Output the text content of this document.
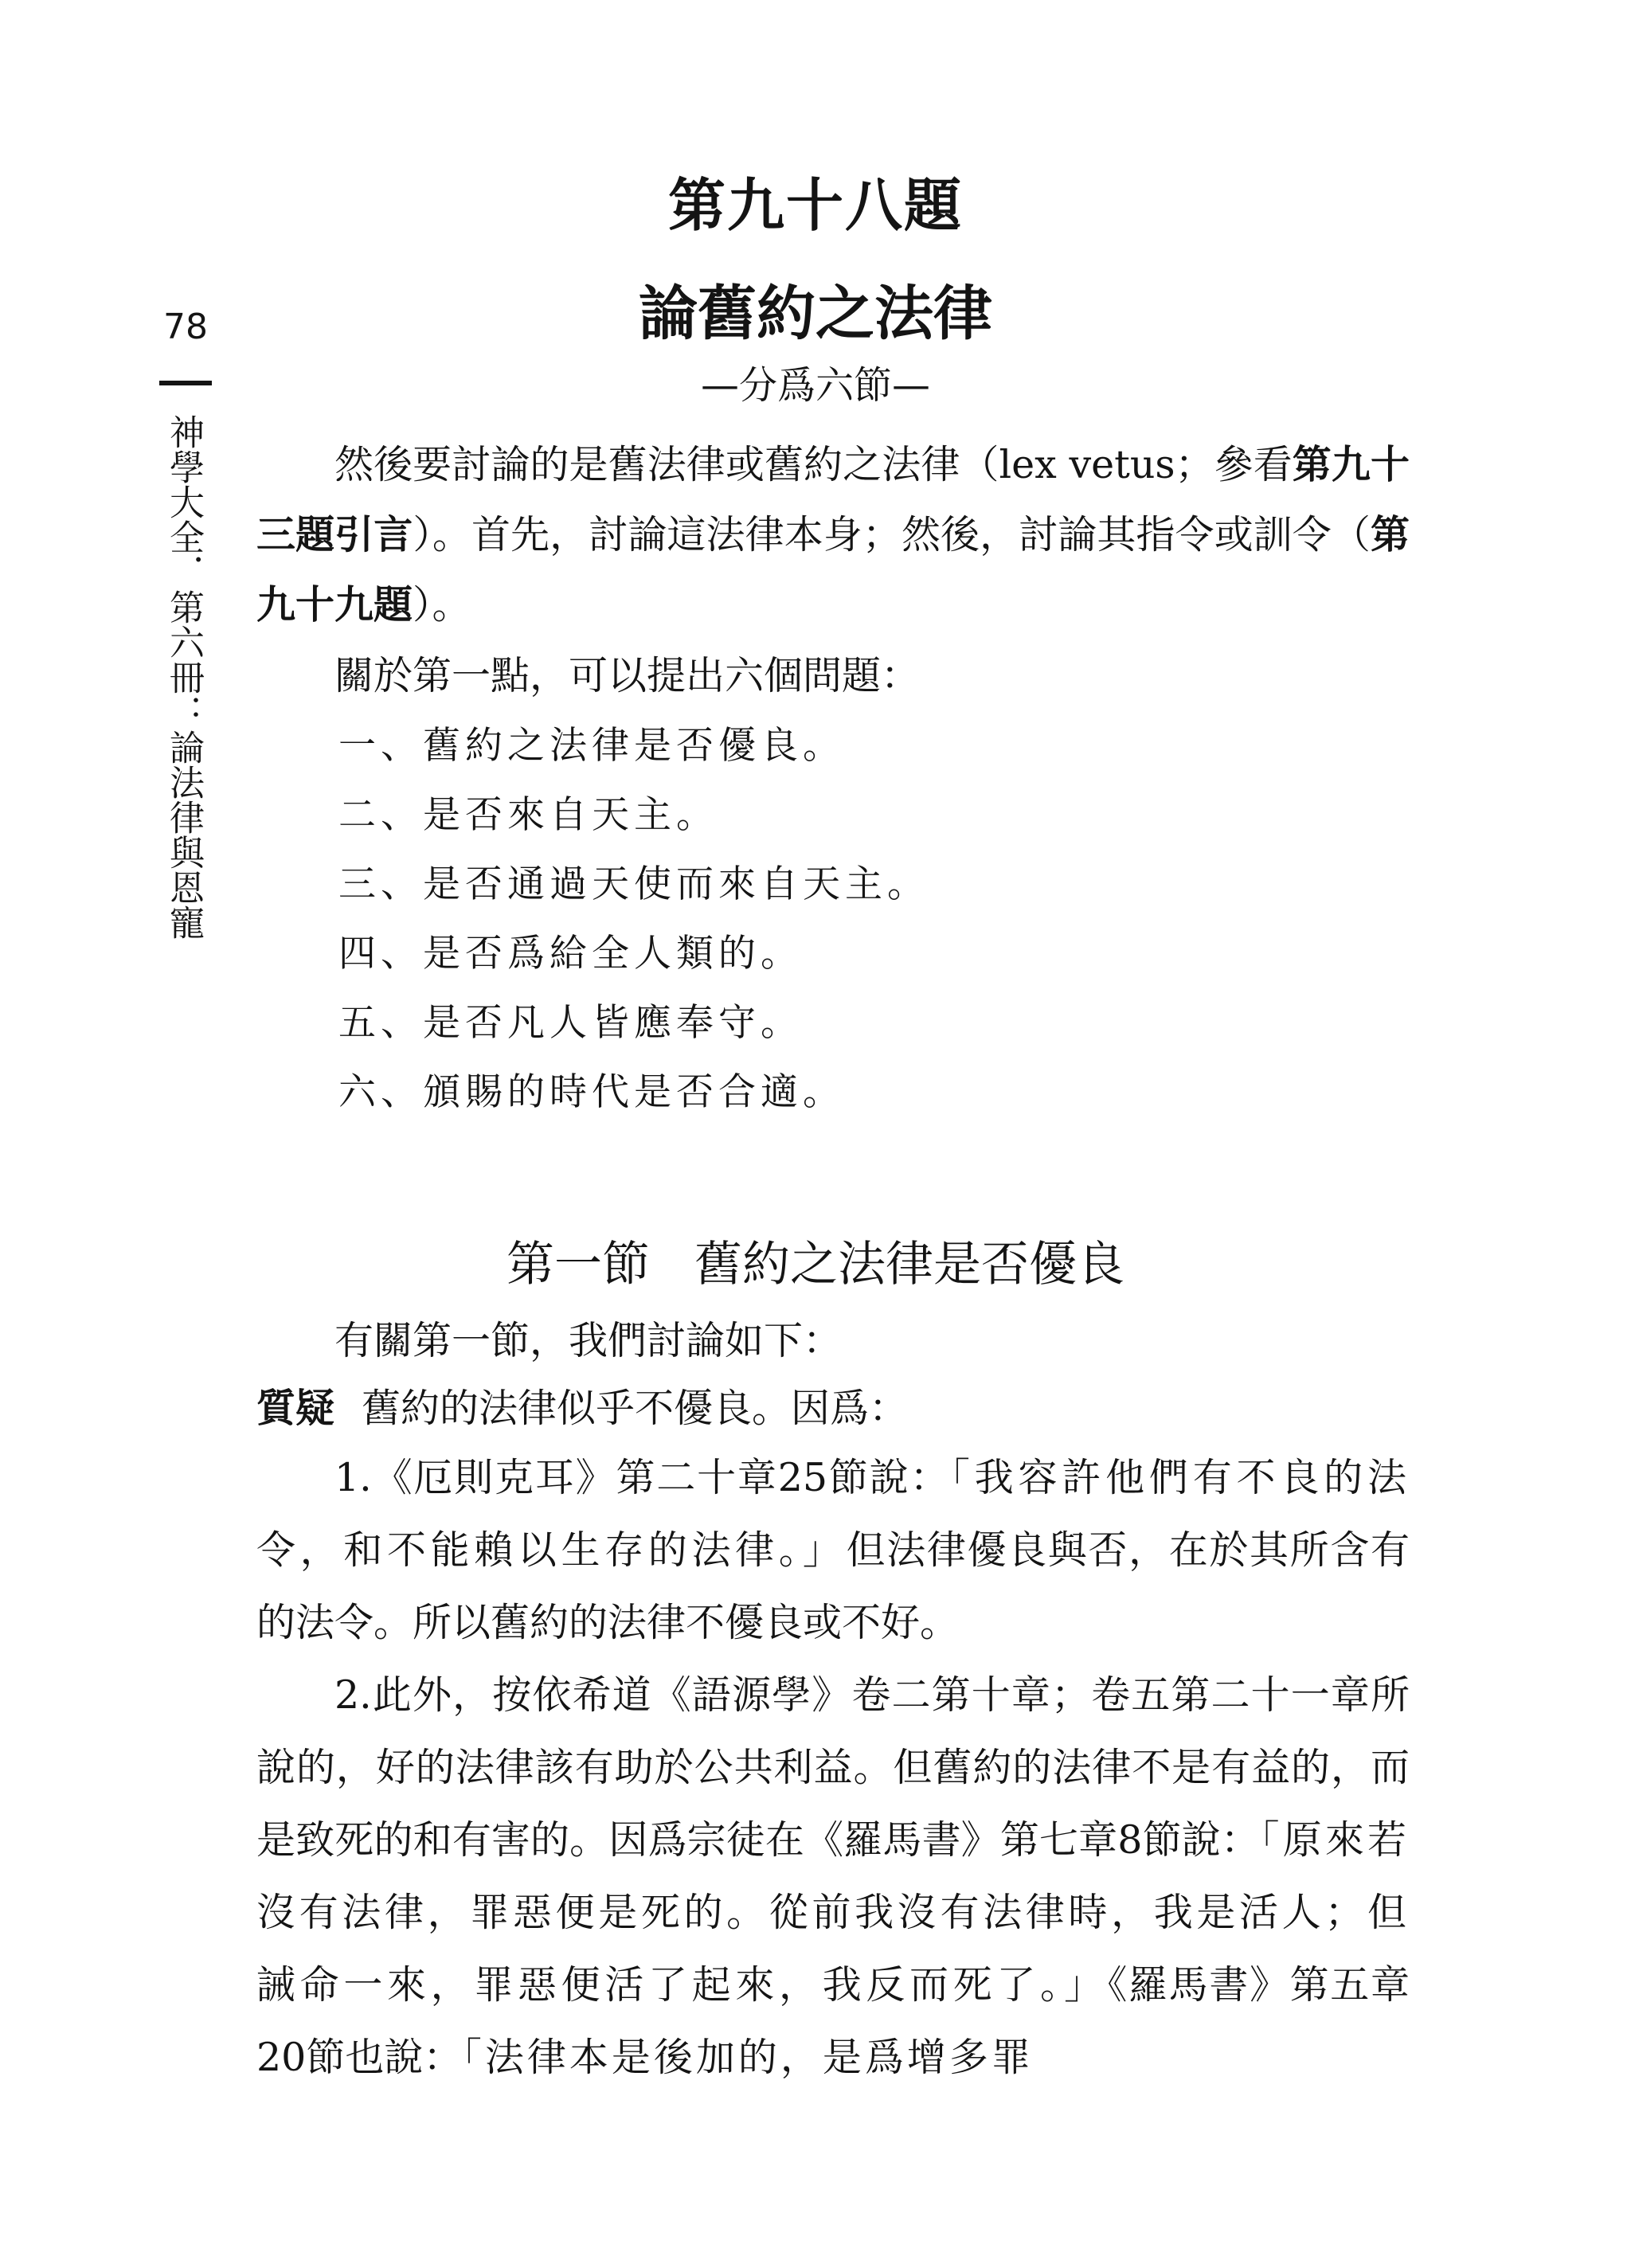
78
神學大全．第六冊：論法律與恩寵
第九十八題
論舊約之法律
—分爲六節—

然後要討論的是舊法律或舊約之法律（lex vetus；參看第九十三題引言）。首先，討論這法律本身；然後，討論其指令或訓令（第九十九題）。

關於第一點，可以提出六個問題：

一、舊約之法律是否優良。
二、是否來自天主。
三、是否通過天使而來自天主。
四、是否爲給全人類的。
五、是否凡人皆應奉守。
六、頒賜的時代是否合適。
第一節 舊約之法律是否優良
有關第一節，我們討論如下：
質疑 舊約的法律似乎不優良。因爲：

1.《厄則克耳》第二十章25節說：「我容許他們有不良的法令，和不能賴以生存的法律。」但法律優良與否，在於其所含有的法令。所以舊約的法律不優良或不好。

2.此外，按依希道《語源學》卷二第十章；卷五第二十一章所說的，好的法律該有助於公共利益。但舊約的法律不是有益的，而是致死的和有害的。因爲宗徒在《羅馬書》第七章8節說：「原來若沒有法律，罪惡便是死的。從前我沒有法律時，我是活人；但誡命一來，罪惡便活了起來，我反而死了。」《羅馬書》第五章20節也說：「法律本是後加的，是爲增多罪
